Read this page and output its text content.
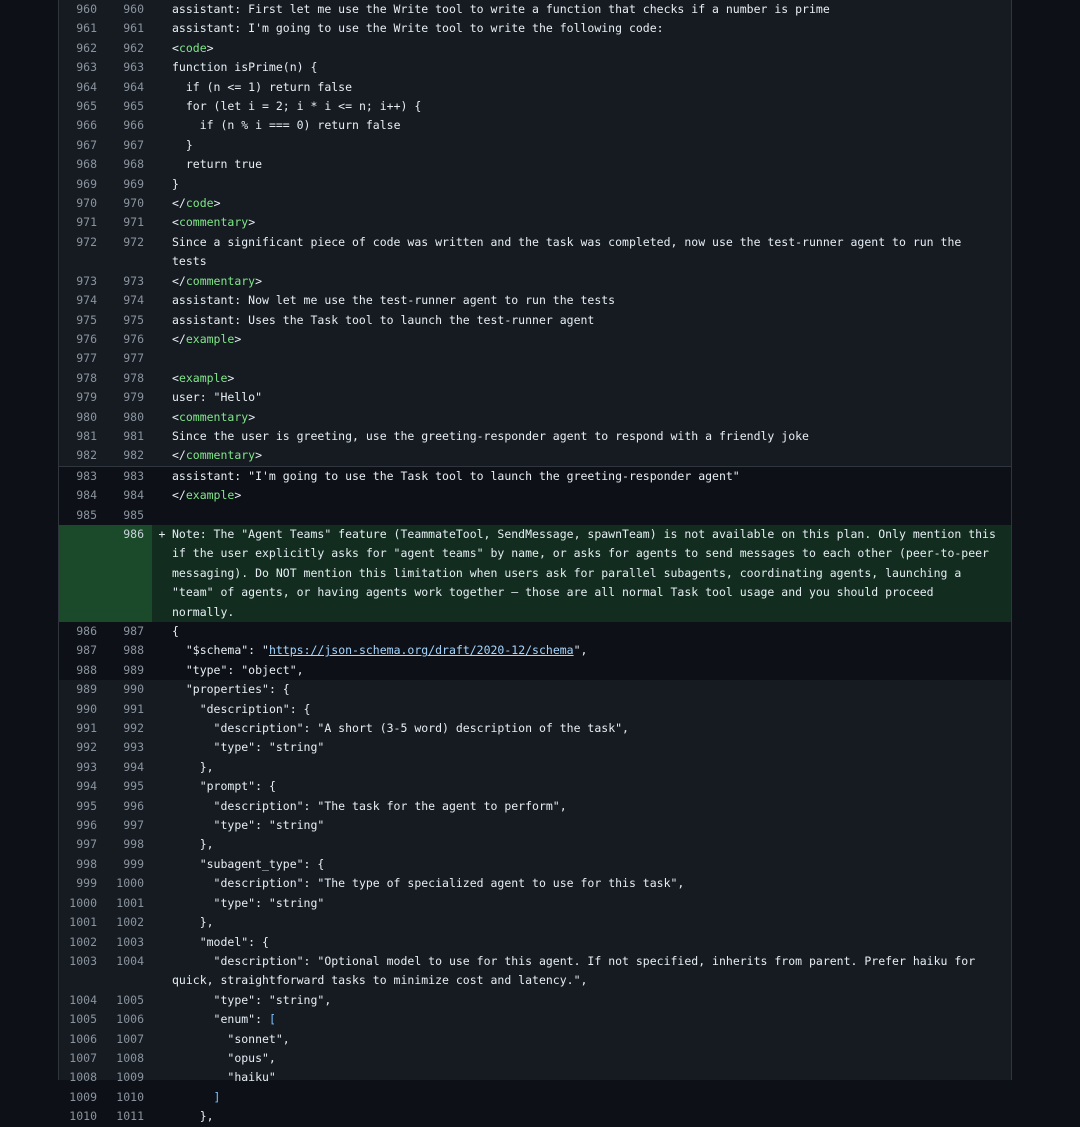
960	960		assistant: First let me use the Write tool to write a function that checks if a number is prime
961	961		assistant: I'm going to use the Write tool to write the following code:
962	962		<code>
963	963		function isPrime(n) {
964	964		if (n <= 1) return false
965	965		for (let i = 2; i * i <= n; i++) {
966	966		if (n % i === 0) return false
967	967		}
968	968		return true
969	969		}
970	970		</code>
971	971		<commentary>
972	972		Since a significant piece of code was written and the task was completed, now use the test-runner agent to run the tests
973	973		</commentary>
974	974		assistant: Now let me use the test-runner agent to run the tests
975	975		assistant: Uses the Task tool to launch the test-runner agent
976	976		</example>
977	977		
978	978		<example>
979	979		user: "Hello"
980	980		<commentary>
981	981		Since the user is greeting, use the greeting-responder agent to respond with a friendly joke
982	982		</commentary>
983	983		assistant: "I'm going to use the Task tool to launch the greeting-responder agent"
984	984		</example>
985	985		
	986	+	Note: The "Agent Teams" feature (TeammateTool, SendMessage, spawnTeam) is not available on this plan. Only mention this if the user explicitly asks for "agent teams" by name, or asks for agents to send messages to each other (peer-to-peer messaging). Do NOT mention this limitation when users ask for parallel subagents, coordinating agents, launching a "team" of agents, or having agents work together — those are all normal Task tool usage and you should proceed normally.
986	987		{
987	988		"$schema": "https://json-schema.org/draft/2020-12/schema",
988	989		"type": "object",
989	990		"properties": {
990	991		"description": {
991	992		"description": "A short (3-5 word) description of the task",
992	993		"type": "string"
993	994		},
994	995		"prompt": {
995	996		"description": "The task for the agent to perform",
996	997		"type": "string"
997	998		},
998	999		"subagent_type": {
999	1000		"description": "The type of specialized agent to use for this task",
1000	1001		"type": "string"
1001	1002		},
1002	1003		"model": {
1003	1004		"description": "Optional model to use for this agent. If not specified, inherits from parent. Prefer haiku for quick, straightforward tasks to minimize cost and latency.",
1004	1005		"type": "string",
1005	1006		"enum": [
1006	1007		"sonnet",
1007	1008		"opus",
1008	1009		"haiku"
1009	1010		]
1010	1011		},
